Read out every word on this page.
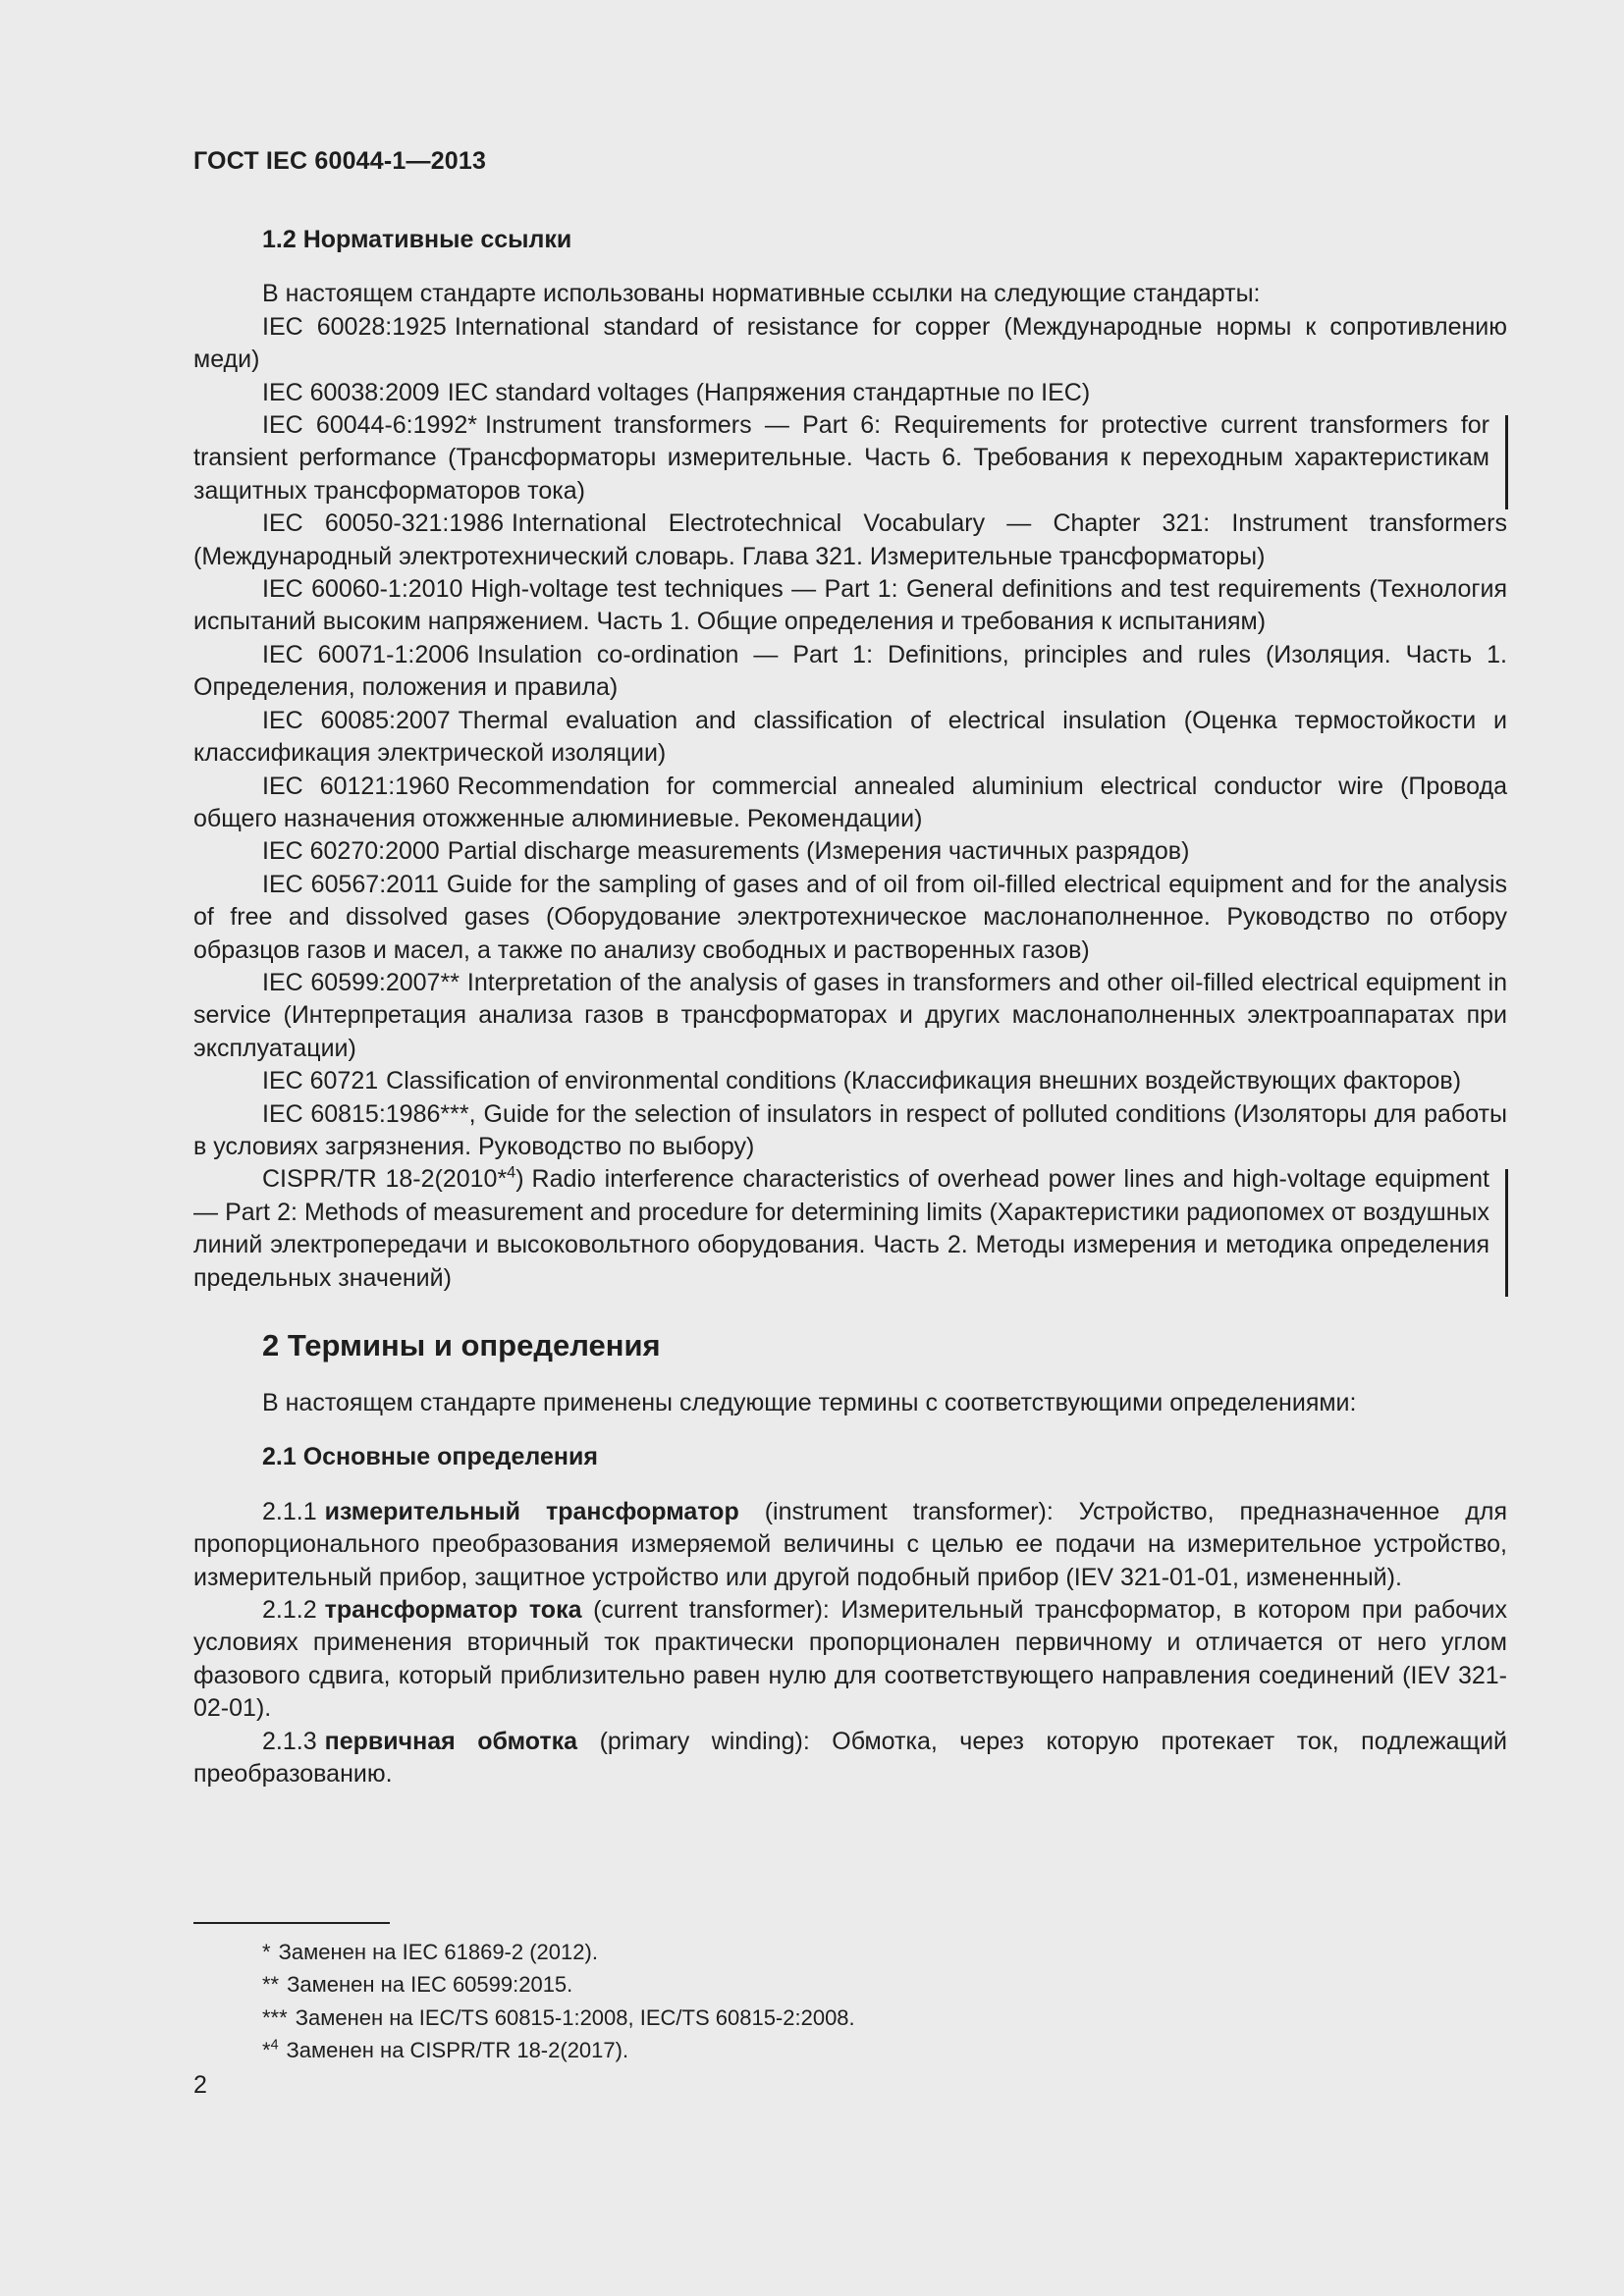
ГОСТ IEC 60044-1—2013
1.2 Нормативные ссылки

В настоящем стандарте использованы нормативные ссылки на следующие стандарты:

IEC 60028:1925 International standard of resistance for copper (Международные нормы к сопротивлению меди)

IEC 60038:2009 IEC standard voltages (Напряжения стандартные по IEC)

IEC 60044-6:1992* Instrument transformers — Part 6: Requirements for protective current transformers for transient performance (Трансформаторы измерительные. Часть 6. Требования к переходным характеристикам защитных трансформаторов тока)

IEC 60050-321:1986 International Electrotechnical Vocabulary — Chapter 321: Instrument transformers (Международный электротехнический словарь. Глава 321. Измерительные трансформаторы)

IEC 60060-1:2010 High-voltage test techniques — Part 1: General definitions and test requirements (Технология испытаний высоким напряжением. Часть 1. Общие определения и требования к испытаниям)

IEC 60071-1:2006 Insulation co-ordination — Part 1: Definitions, principles and rules (Изоляция. Часть 1. Определения, положения и правила)

IEC 60085:2007 Thermal evaluation and classification of electrical insulation (Оценка термостойкости и классификация электрической изоляции)

IEC 60121:1960 Recommendation for commercial annealed aluminium electrical conductor wire (Провода общего назначения отожженные алюминиевые. Рекомендации)

IEC 60270:2000 Partial discharge measurements (Измерения частичных разрядов)

IEC 60567:2011 Guide for the sampling of gases and of oil from oil-filled electrical equipment and for the analysis of free and dissolved gases (Оборудование электротехническое маслонаполненное. Руководство по отбору образцов газов и масел, а также по анализу свободных и растворенных газов)

IEC 60599:2007** Interpretation of the analysis of gases in transformers and other oil-filled electrical equipment in service (Интерпретация анализа газов в трансформаторах и других маслонаполненных электроаппаратах при эксплуатации)

IEC 60721 Classification of environmental conditions (Классификация внешних воздействующих факторов)

IEC 60815:1986***, Guide for the selection of insulators in respect of polluted conditions (Изоляторы для работы в условиях загрязнения. Руководство по выбору)

CISPR/TR 18-2(2010*$^4$) Radio interference characteristics of overhead power lines and high-voltage equipment — Part 2: Methods of measurement and procedure for determining limits (Характеристики радиопомех от воздушных линий электропередачи и высоковольтного оборудования. Часть 2. Методы измерения и методика определения предельных значений)

2 Термины и определения

В настоящем стандарте применены следующие термины с соответствующими определениями:

2.1 Основные определения

2.1.1 измерительный трансформатор (instrument transformer): Устройство, предназначенное для пропорционального преобразования измеряемой величины с целью ее подачи на измерительное устройство, измерительный прибор, защитное устройство или другой подобный прибор (IEV 321-01-01, измененный).

2.1.2 трансформатор тока (current transformer): Измерительный трансформатор, в котором при рабочих условиях применения вторичный ток практически пропорционален первичному и отличается от него углом фазового сдвига, который приблизительно равен нулю для соответствующего направления соединений (IEV 321-02-01).

2.1.3 первичная обмотка (primary winding): Обмотка, через которую протекает ток, подлежащий преобразованию.

* Заменен на IEC 61869-2 (2012).
** Заменен на IEC 60599:2015.
*** Заменен на IEC/TS 60815-1:2008, IEC/TS 60815-2:2008.
*$^4$ Заменен на CISPR/TR 18-2(2017).
2
